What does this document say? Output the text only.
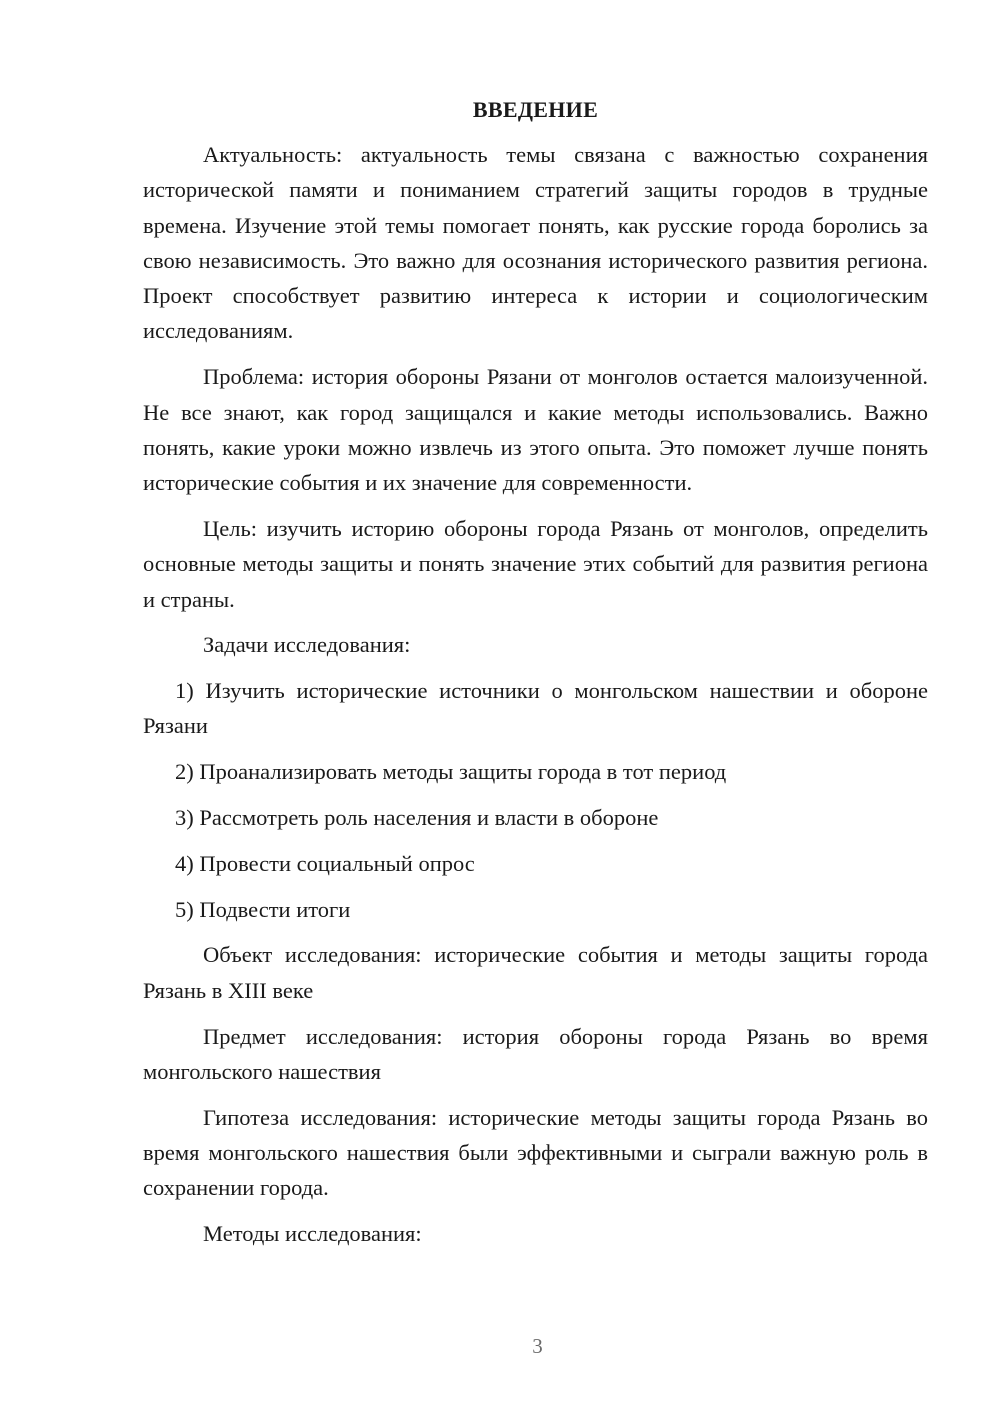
ВВЕДЕНИЕ

Актуальность: актуальность темы связана с важностью сохранения исторической памяти и пониманием стратегий защиты городов в трудные времена. Изучение этой темы помогает понять, как русские города боролись за свою независимость. Это важно для осознания исторического развития региона. Проект способствует развитию интереса к истории и социологическим исследованиям.

Проблема: история обороны Рязани от монголов остается малоизученной. Не все знают, как город защищался и какие методы использовались. Важно понять, какие уроки можно извлечь из этого опыта. Это поможет лучше понять исторические события и их значение для современности.

Цель: изучить историю обороны города Рязань от монголов, определить основные методы защиты и понять значение этих событий для развития региона и страны.

Задачи исследования:

1) Изучить исторические источники о монгольском нашествии и обороне Рязани

2) Проанализировать методы защиты города в тот период

3) Рассмотреть роль населения и власти в обороне

4) Провести социальный опрос

5) Подвести итоги

Объект исследования: исторические события и методы защиты города Рязань в XIII веке

Предмет исследования: история обороны города Рязань во время монгольского нашествия

Гипотеза исследования: исторические методы защиты города Рязань во время монгольского нашествия были эффективными и сыграли важную роль в сохранении города.

Методы исследования:

3
